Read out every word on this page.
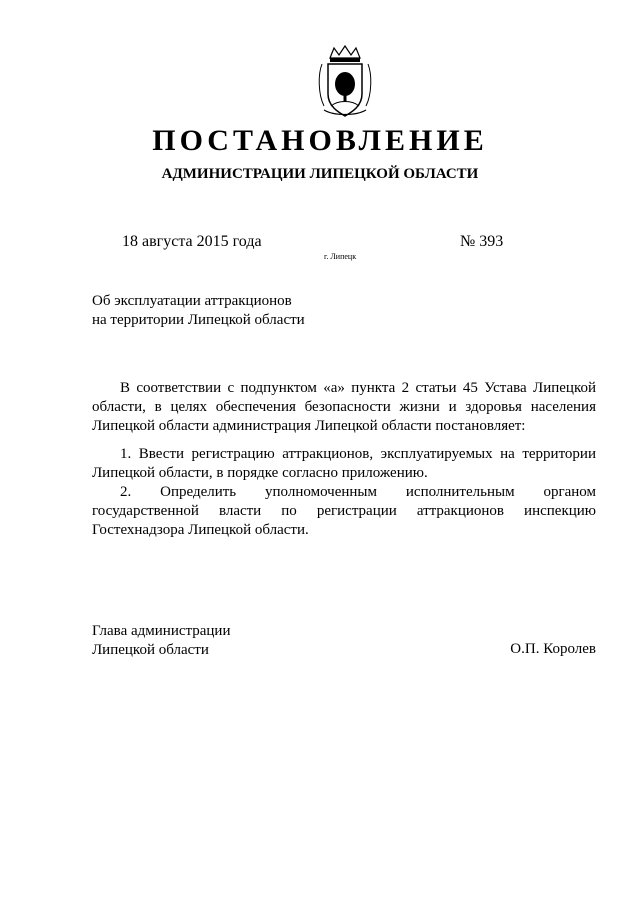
ПОСТАНОВЛЕНИЕ
АДМИНИСТРАЦИИ ЛИПЕЦКОЙ ОБЛАСТИ
18 августа 2015 года	№ 393
г. Липецк
Об эксплуатации аттракционов
на территории Липецкой области
В соответствии с подпунктом «а» пункта 2 статьи 45 Устава Липецкой области, в целях обеспечения безопасности жизни и здоровья населения Липецкой области администрация Липецкой области постановляет:
1. Ввести регистрацию аттракционов, эксплуатируемых на территории Липецкой области, в порядке согласно приложению.
2. Определить уполномоченным исполнительным органом государственной власти по регистрации аттракционов инспекцию Гостехнадзора Липецкой области.
Глава администрации
Липецкой области	О.П. Королев
